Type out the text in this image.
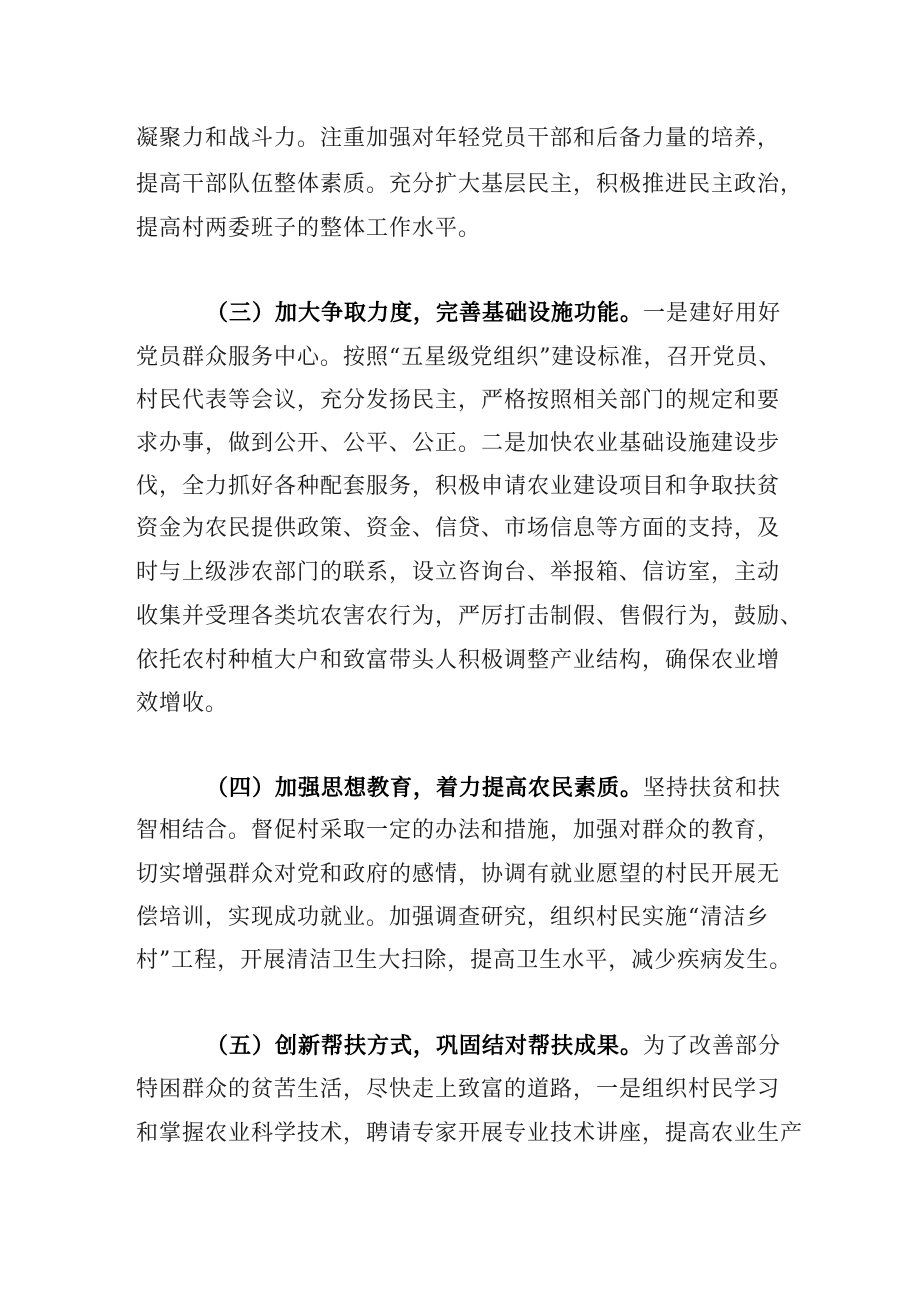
凝聚力和战斗力。注重加强对年轻党员干部和后备力量的培养，
提高干部队伍整体素质。充分扩大基层民主，积极推进民主政治，
提高村两委班子的整体工作水平。
（三）加大争取力度，完善基础设施功能。一是建好用好
党员群众服务中心。按照“五星级党组织”建设标准，召开党员、
村民代表等会议，充分发扬民主，严格按照相关部门的规定和要
求办事，做到公开、公平、公正。二是加快农业基础设施建设步
伐，全力抓好各种配套服务，积极申请农业建设项目和争取扶贫
资金为农民提供政策、资金、信贷、市场信息等方面的支持，及
时与上级涉农部门的联系，设立咨询台、举报箱、信访室，主动
收集并受理各类坑农害农行为，严厉打击制假、售假行为，鼓励、
依托农村种植大户和致富带头人积极调整产业结构，确保农业增
效增收。
（四）加强思想教育，着力提高农民素质。坚持扶贫和扶
智相结合。督促村采取一定的办法和措施，加强对群众的教育，
切实增强群众对党和政府的感情，协调有就业愿望的村民开展无
偿培训，实现成功就业。加强调查研究，组织村民实施“清洁乡
村”工程，开展清洁卫生大扫除，提高卫生水平，减少疾病发生。
（五）创新帮扶方式，巩固结对帮扶成果。为了改善部分
特困群众的贫苦生活，尽快走上致富的道路，一是组织村民学习
和掌握农业科学技术，聘请专家开展专业技术讲座，提高农业生产
